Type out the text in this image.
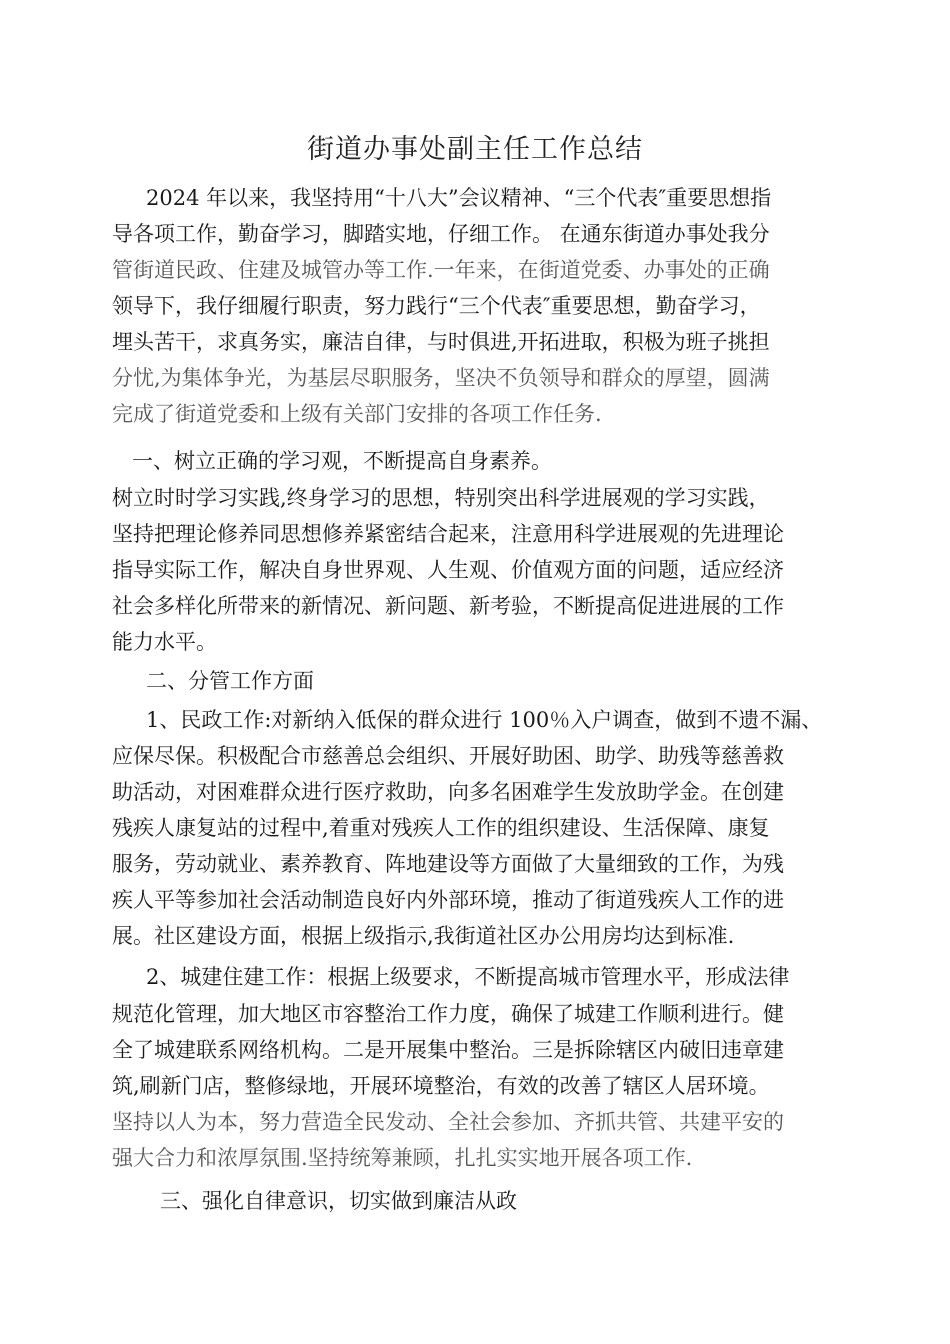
街道办事处副主任工作总结
2024 年以来，我坚持用“十八大”会议精神、“三个代表″重要思想指
导各项工作，勤奋学习，脚踏实地，仔细工作。 在通东街道办事处我分
管街道民政、住建及城管办等工作.一年来，在街道党委、办事处的正确
领导下，我仔细履行职责，努力践行“三个代表″重要思想，勤奋学习，
埋头苦干，求真务实，廉洁自律，与时俱进,开拓进取，积极为班子挑担
分忧,为集体争光，为基层尽职服务，坚决不负领导和群众的厚望，圆满
完成了街道党委和上级有关部门安排的各项工作任务.
一、树立正确的学习观，不断提高自身素养。
树立时时学习实践,终身学习的思想，特别突出科学进展观的学习实践，
坚持把理论修养同思想修养紧密结合起来，注意用科学进展观的先进理论
指导实际工作，解决自身世界观、人生观、价值观方面的问题，适应经济
社会多样化所带来的新情况、新问题、新考验，不断提高促进进展的工作
能力水平。
二、分管工作方面
1、民政工作:对新纳入低保的群众进行 100％入户调查，做到不遗不漏、
应保尽保。积极配合市慈善总会组织、开展好助困、助学、助残等慈善救
助活动，对困难群众进行医疗救助，向多名困难学生发放助学金。在创建
残疾人康复站的过程中,着重对残疾人工作的组织建设、生活保障、康复
服务，劳动就业、素养教育、阵地建设等方面做了大量细致的工作，为残
疾人平等参加社会活动制造良好内外部环境，推动了街道残疾人工作的进
展。社区建设方面，根据上级指示,我街道社区办公用房均达到标准.
2、城建住建工作：根据上级要求，不断提高城市管理水平，形成法律
规范化管理，加大地区市容整治工作力度，确保了城建工作顺利进行。健
全了城建联系网络机构。二是开展集中整治。三是拆除辖区内破旧违章建
筑,刷新门店，整修绿地，开展环境整治，有效的改善了辖区人居环境。
坚持以人为本，努力营造全民发动、全社会参加、齐抓共管、共建平安的
强大合力和浓厚氛围.坚持统筹兼顾，扎扎实实地开展各项工作.
三、强化自律意识，切实做到廉洁从政
